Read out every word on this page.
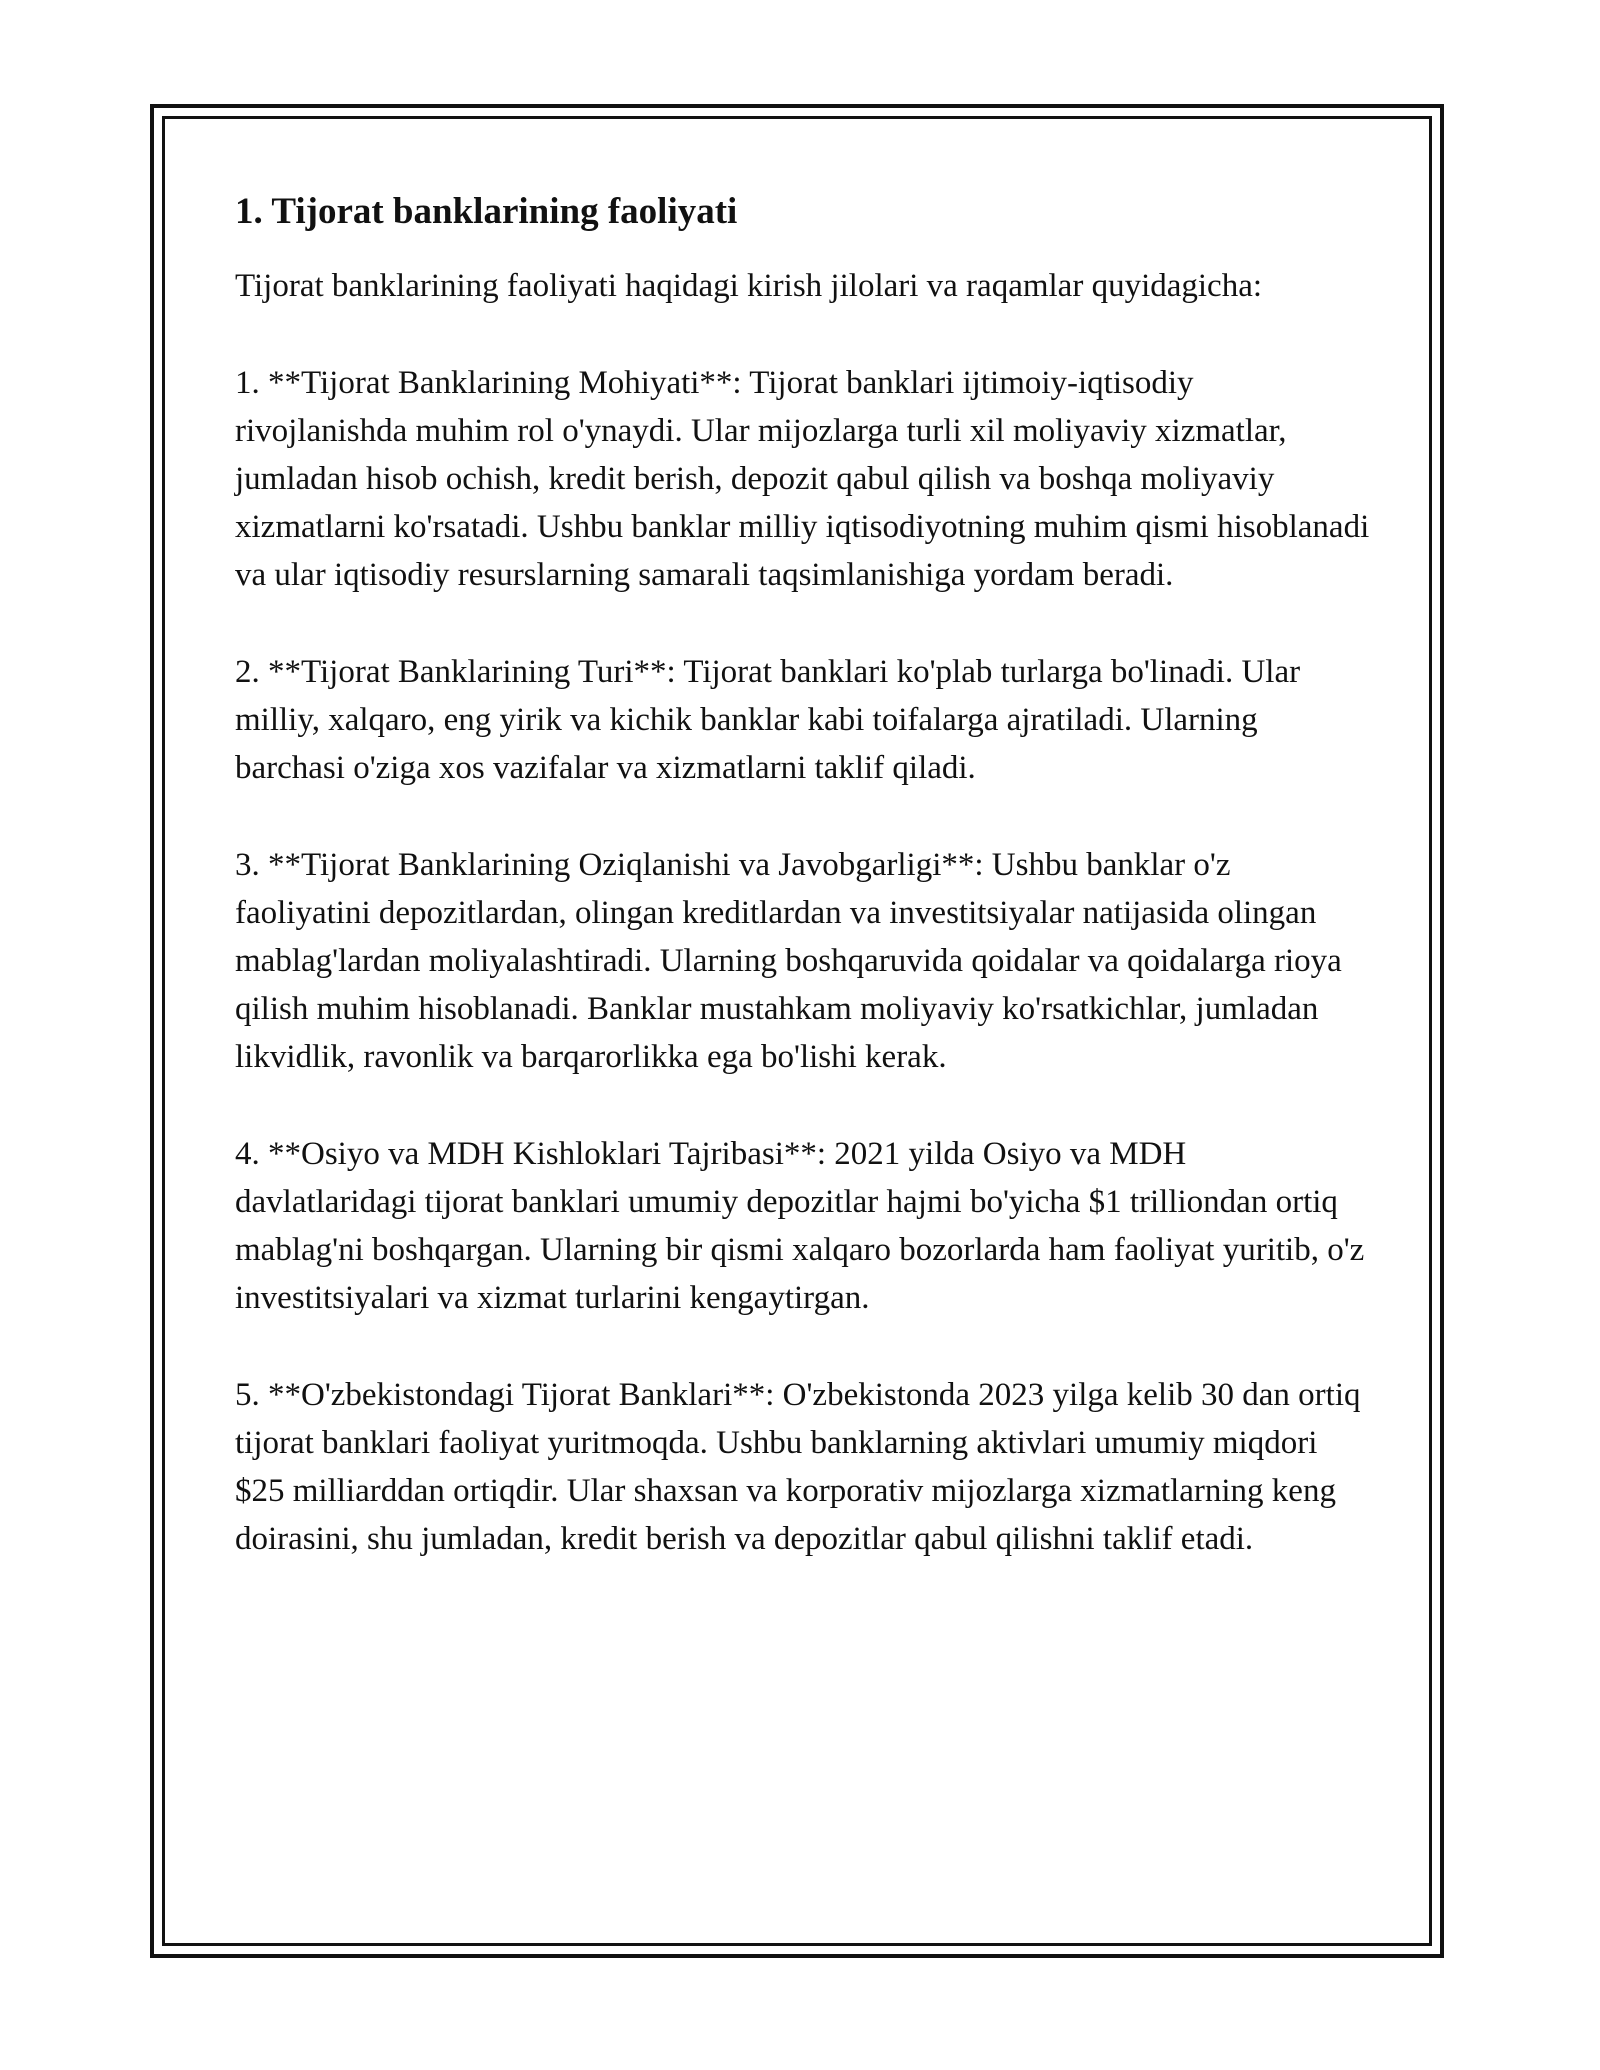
1. Tijorat banklarining faoliyati

Tijorat banklarining faoliyati haqidagi kirish jilolari va raqamlar quyidagicha:

1. **Tijorat Banklarining Mohiyati**: Tijorat banklari ijtimoiy-iqtisodiy rivojlanishda muhim rol o'ynaydi. Ular mijozlarga turli xil moliyaviy xizmatlar, jumladan hisob ochish, kredit berish, depozit qabul qilish va boshqa moliyaviy xizmatlarni ko'rsatadi. Ushbu banklar milliy iqtisodiyotning muhim qismi hisoblanadi va ular iqtisodiy resurslarning samarali taqsimlanishiga yordam beradi.

2. **Tijorat Banklarining Turi**: Tijorat banklari ko'plab turlarga bo'linadi. Ular milliy, xalqaro, eng yirik va kichik banklar kabi toifalarga ajratiladi. Ularning barchasi o'ziga xos vazifalar va xizmatlarni taklif qiladi.

3. **Tijorat Banklarining Oziqlanishi va Javobgarligi**: Ushbu banklar o'z faoliyatini depozitlardan, olingan kreditlardan va investitsiyalar natijasida olingan mablag'lardan moliyalashtiradi. Ularning boshqaruvida qoidalar va qoidalarga rioya qilish muhim hisoblanadi. Banklar mustahkam moliyaviy ko'rsatkichlar, jumladan likvidlik, ravonlik va barqarorlikka ega bo'lishi kerak.

4. **Osiyo va MDH Kishloklari Tajribasi**: 2021 yilda Osiyo va MDH davlatlaridagi tijorat banklari umumiy depozitlar hajmi bo'yicha $1 trilliondan ortiq mablag'ni boshqargan. Ularning bir qismi xalqaro bozorlarda ham faoliyat yuritib, o'z investitsiyalari va xizmat turlarini kengaytirgan.

5. **O'zbekistondagi Tijorat Banklari**: O'zbekistonda 2023 yilga kelib 30 dan ortiq tijorat banklari faoliyat yuritmoqda. Ushbu banklarning aktivlari umumiy miqdori $25 milliarddan ortiqdir. Ular shaxsan va korporativ mijozlarga xizmatlarning keng doirasini, shu jumladan, kredit berish va depozitlar qabul qilishni taklif etadi.
